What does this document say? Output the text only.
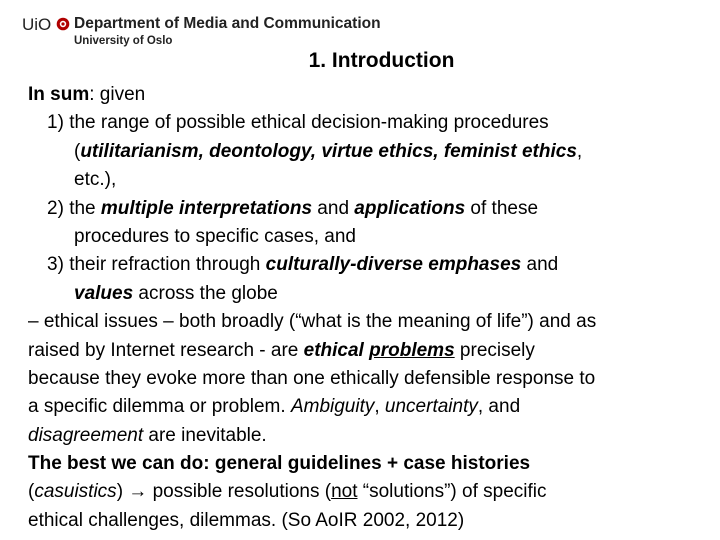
UiO Department of Media and Communication
University of Oslo
1. Introduction
In sum: given
1) the range of possible ethical decision-making procedures
(utilitarianism, deontology, virtue ethics, feminist ethics,
etc.),
2) the multiple interpretations and applications of these
procedures to specific cases, and
3) their refraction through culturally-diverse emphases and
values across the globe
– ethical issues – both broadly (“what is the meaning of life”) and as
raised by Internet research - are ethical problems precisely
because they evoke more than one ethically defensible response to
a specific dilemma or problem. Ambiguity, uncertainty, and
disagreement are inevitable.
The best we can do: general guidelines + case histories
(casuistics) → possible resolutions (not “solutions”) of specific
ethical challenges, dilemmas. (So AoIR 2002, 2012)
